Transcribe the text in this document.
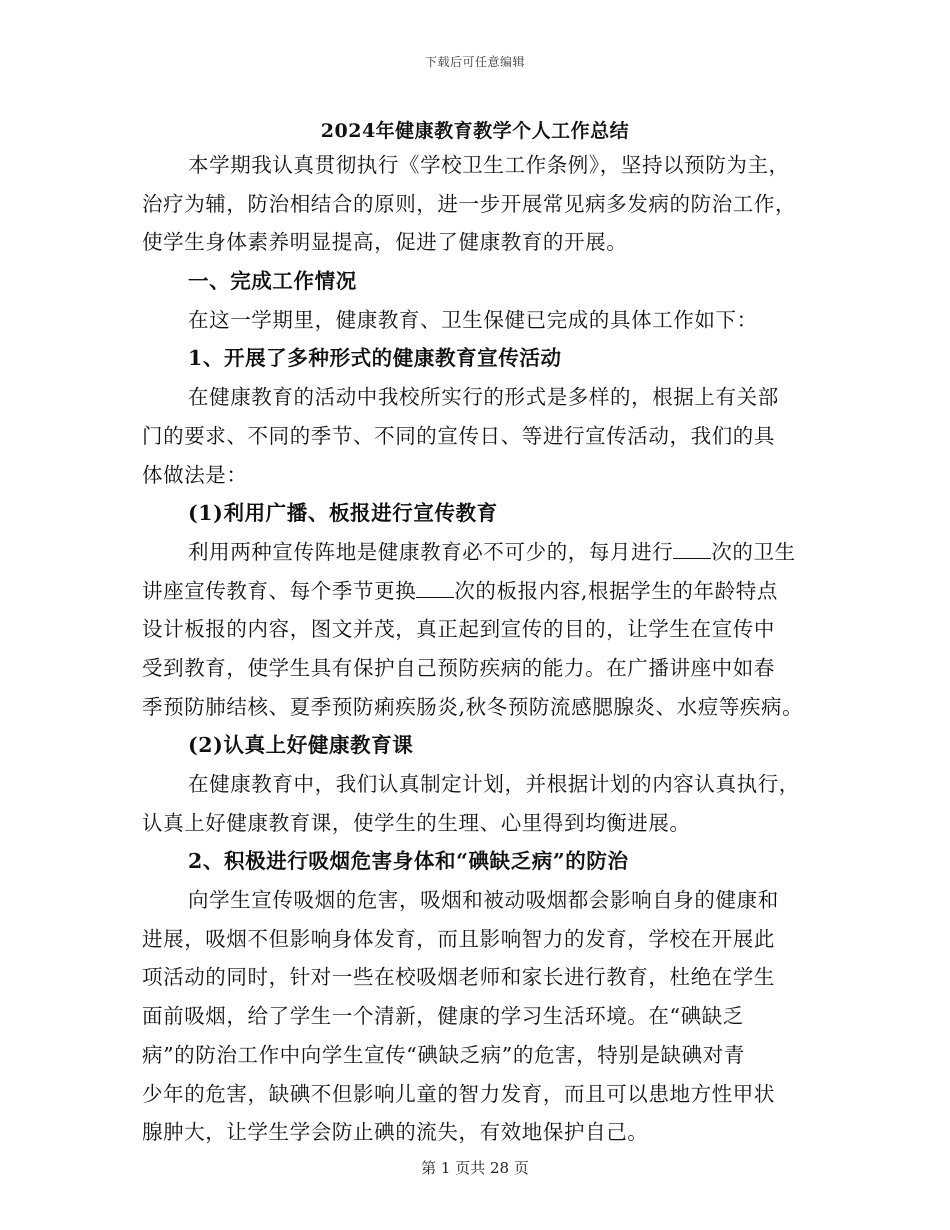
下载后可任意编辑
2024年健康教育教学个人工作总结
本学期我认真贯彻执行《学校卫生工作条例》，坚持以预防为主，
治疗为辅，防治相结合的原则，进一步开展常见病多发病的防治工作，
使学生身体素养明显提高，促进了健康教育的开展。
一、完成工作情况
在这一学期里，健康教育、卫生保健已完成的具体工作如下：
1、开展了多种形式的健康教育宣传活动
在健康教育的活动中我校所实行的形式是多样的，根据上有关部
门的要求、不同的季节、不同的宣传日、等进行宣传活动，我们的具
体做法是：
(1)利用广播、板报进行宣传教育
利用两种宣传阵地是健康教育必不可少的，每月进行 次的卫生
讲座宣传教育、每个季节更换 次的板报内容,根据学生的年龄特点
设计板报的内容，图文并茂，真正起到宣传的目的，让学生在宣传中
受到教育，使学生具有保护自己预防疾病的能力。在广播讲座中如春
季预防肺结核、夏季预防痢疾肠炎,秋冬预防流感腮腺炎、水痘等疾病。
(2)认真上好健康教育课
在健康教育中，我们认真制定计划，并根据计划的内容认真执行，
认真上好健康教育课，使学生的生理、心里得到均衡进展。
2、积极进行吸烟危害身体和“碘缺乏病”的防治
向学生宣传吸烟的危害，吸烟和被动吸烟都会影响自身的健康和
进展，吸烟不但影响身体发育，而且影响智力的发育，学校在开展此
项活动的同时，针对一些在校吸烟老师和家长进行教育，杜绝在学生
面前吸烟，给了学生一个清新，健康的学习生活环境。在“碘缺乏
病”的防治工作中向学生宣传“碘缺乏病”的危害，特别是缺碘对青
少年的危害，缺碘不但影响儿童的智力发育，而且可以患地方性甲状
腺肿大，让学生学会防止碘的流失，有效地保护自己。
第 1 页共 28 页
